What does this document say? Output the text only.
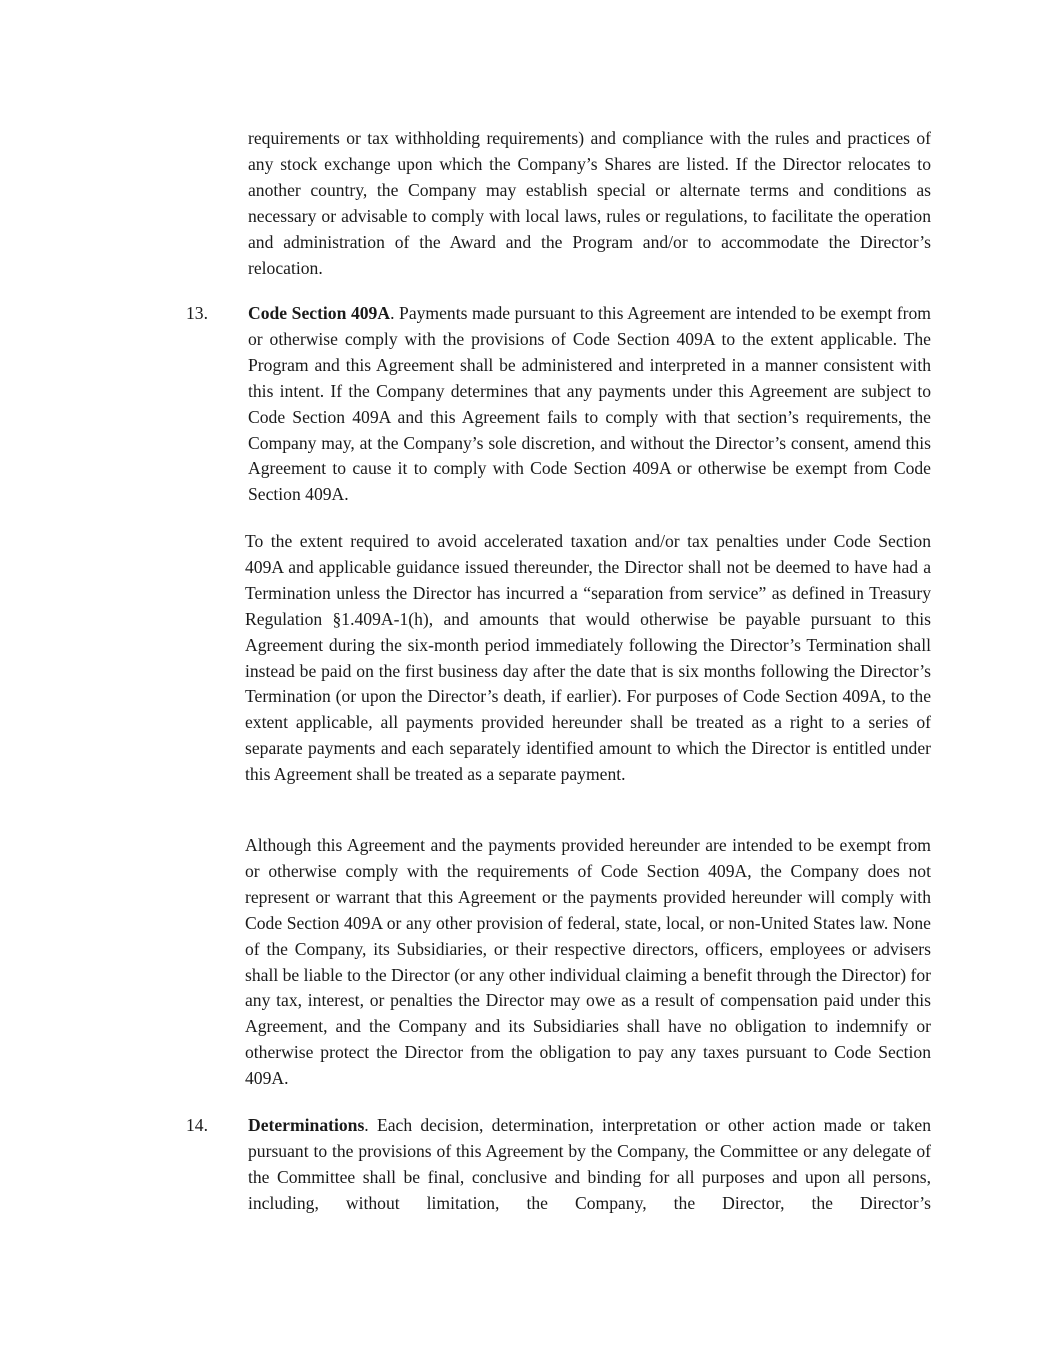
requirements or tax withholding requirements) and compliance with the rules and practices of any stock exchange upon which the Company’s Shares are listed. If the Director relocates to another country, the Company may establish special or alternate terms and conditions as necessary or advisable to comply with local laws, rules or regulations, to facilitate the operation and administration of the Award and the Program and/or to accommodate the Director’s relocation.

13. Code Section 409A. Payments made pursuant to this Agreement are intended to be exempt from or otherwise comply with the provisions of Code Section 409A to the extent applicable. The Program and this Agreement shall be administered and interpreted in a manner consistent with this intent. If the Company determines that any payments under this Agreement are subject to Code Section 409A and this Agreement fails to comply with that section’s requirements, the Company may, at the Company’s sole discretion, and without the Director’s consent, amend this Agreement to cause it to comply with Code Section 409A or otherwise be exempt from Code Section 409A.

To the extent required to avoid accelerated taxation and/or tax penalties under Code Section 409A and applicable guidance issued thereunder, the Director shall not be deemed to have had a Termination unless the Director has incurred a “separation from service” as defined in Treasury Regulation §1.409A-1(h), and amounts that would otherwise be payable pursuant to this Agreement during the six-month period immediately following the Director’s Termination shall instead be paid on the first business day after the date that is six months following the Director’s Termination (or upon the Director’s death, if earlier). For purposes of Code Section 409A, to the extent applicable, all payments provided hereunder shall be treated as a right to a series of separate payments and each separately identified amount to which the Director is entitled under this Agreement shall be treated as a separate payment.

Although this Agreement and the payments provided hereunder are intended to be exempt from or otherwise comply with the requirements of Code Section 409A, the Company does not represent or warrant that this Agreement or the payments provided hereunder will comply with Code Section 409A or any other provision of federal, state, local, or non-United States law. None of the Company, its Subsidiaries, or their respective directors, officers, employees or advisers shall be liable to the Director (or any other individual claiming a benefit through the Director) for any tax, interest, or penalties the Director may owe as a result of compensation paid under this Agreement, and the Company and its Subsidiaries shall have no obligation to indemnify or otherwise protect the Director from the obligation to pay any taxes pursuant to Code Section 409A.

14. Determinations. Each decision, determination, interpretation or other action made or taken pursuant to the provisions of this Agreement by the Company, the Committee or any delegate of the Committee shall be final, conclusive and binding for all purposes and upon all persons, including, without limitation, the Company, the Director, the Director’s
